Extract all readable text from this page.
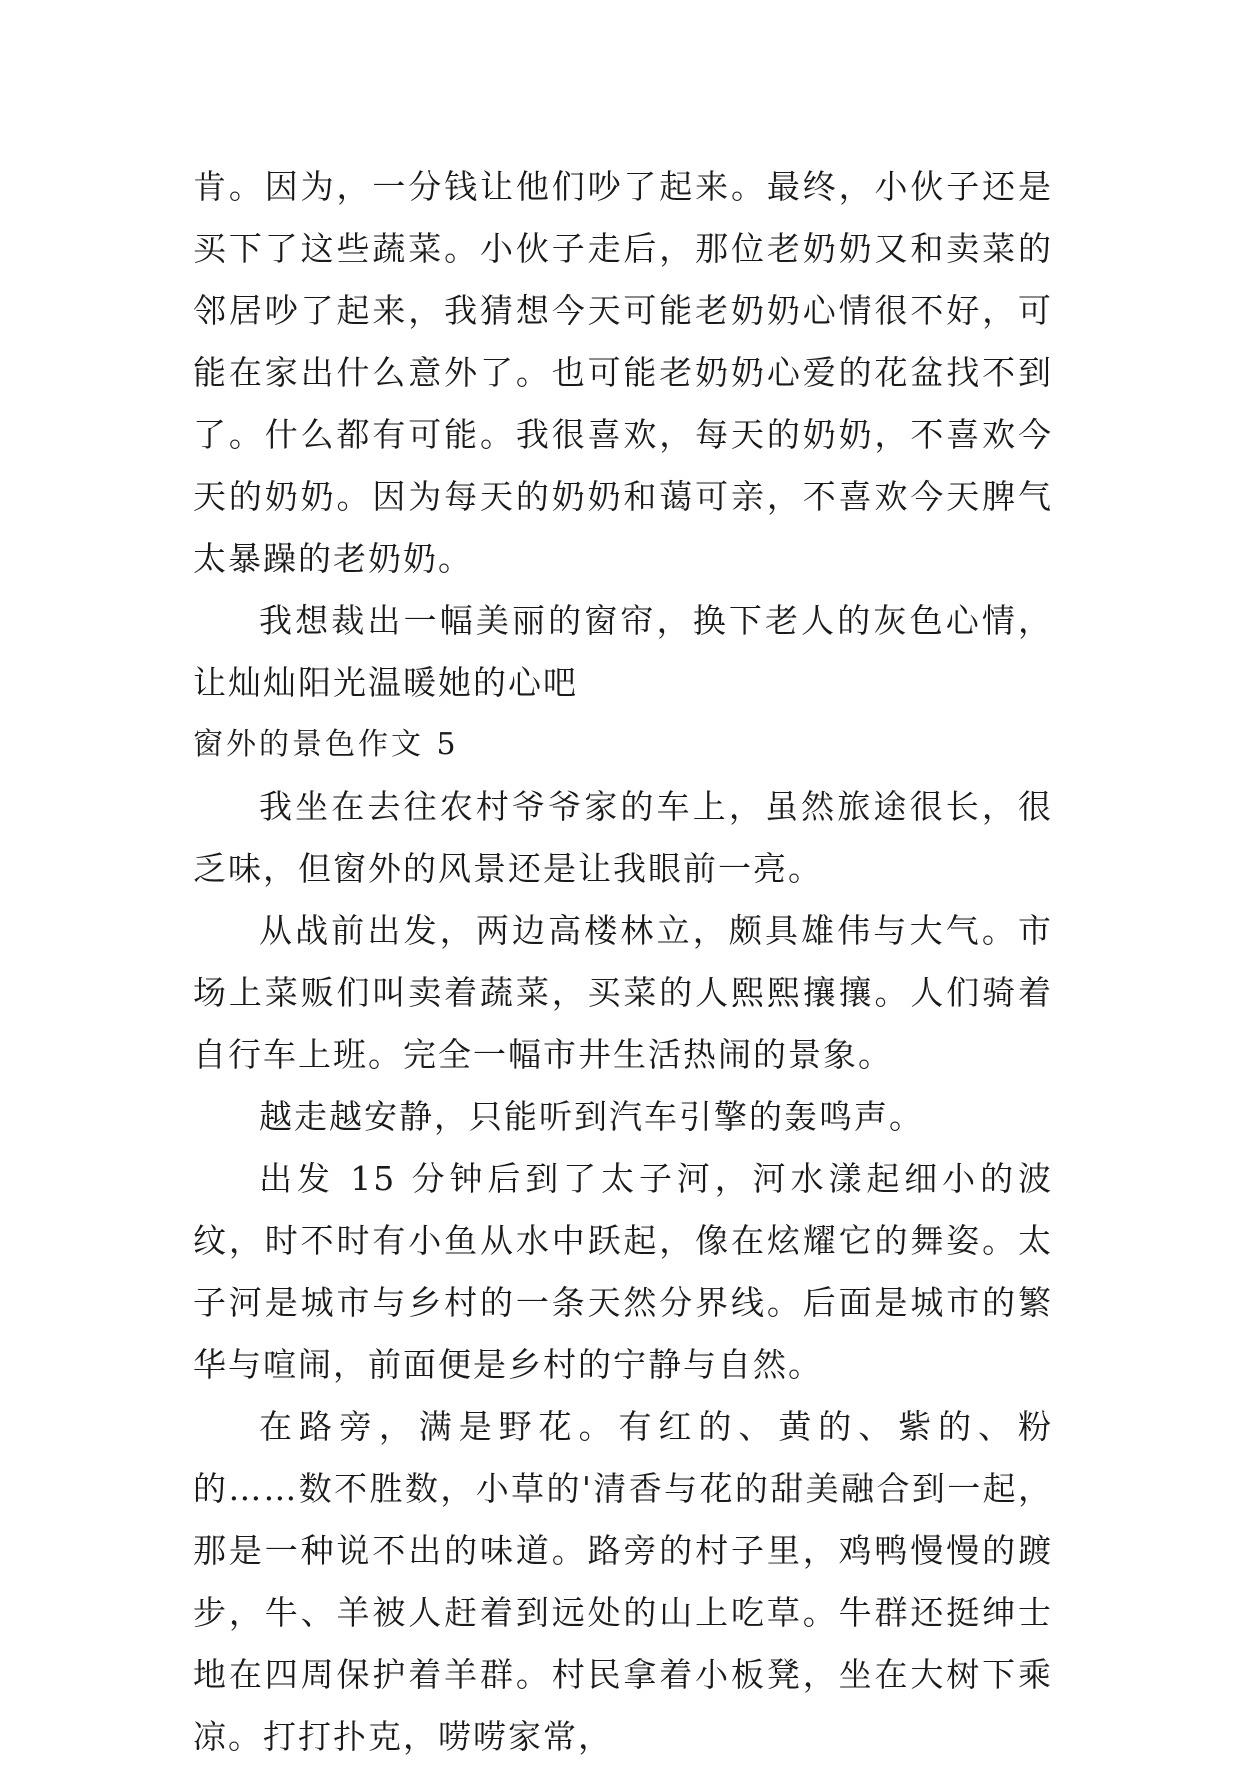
肯。因为，一分钱让他们吵了起来。最终，小伙子还是买下了这些蔬菜。小伙子走后，那位老奶奶又和卖菜的邻居吵了起来，我猜想今天可能老奶奶心情很不好，可能在家出什么意外了。也可能老奶奶心爱的花盆找不到了。什么都有可能。我很喜欢，每天的奶奶，不喜欢今天的奶奶。因为每天的奶奶和蔼可亲，不喜欢今天脾气太暴躁的老奶奶。

我想裁出一幅美丽的窗帘，换下老人的灰色心情，让灿灿阳光温暖她的心吧

窗外的景色作文 5

我坐在去往农村爷爷家的车上，虽然旅途很长，很乏味，但窗外的风景还是让我眼前一亮。

从战前出发，两边高楼林立，颇具雄伟与大气。市场上菜贩们叫卖着蔬菜，买菜的人熙熙攘攘。人们骑着自行车上班。完全一幅市井生活热闹的景象。

越走越安静，只能听到汽车引擎的轰鸣声。

出发 15 分钟后到了太子河，河水漾起细小的波纹，时不时有小鱼从水中跃起，像在炫耀它的舞姿。太子河是城市与乡村的一条天然分界线。后面是城市的繁华与喧闹，前面便是乡村的宁静与自然。

在路旁，满是野花。有红的、黄的、紫的、粉的……数不胜数，小草的'清香与花的甜美融合到一起，那是一种说不出的味道。路旁的村子里，鸡鸭慢慢的踱步，牛、羊被人赶着到远处的山上吃草。牛群还挺绅士地在四周保护着羊群。村民拿着小板凳，坐在大树下乘凉。打打扑克，唠唠家常，
